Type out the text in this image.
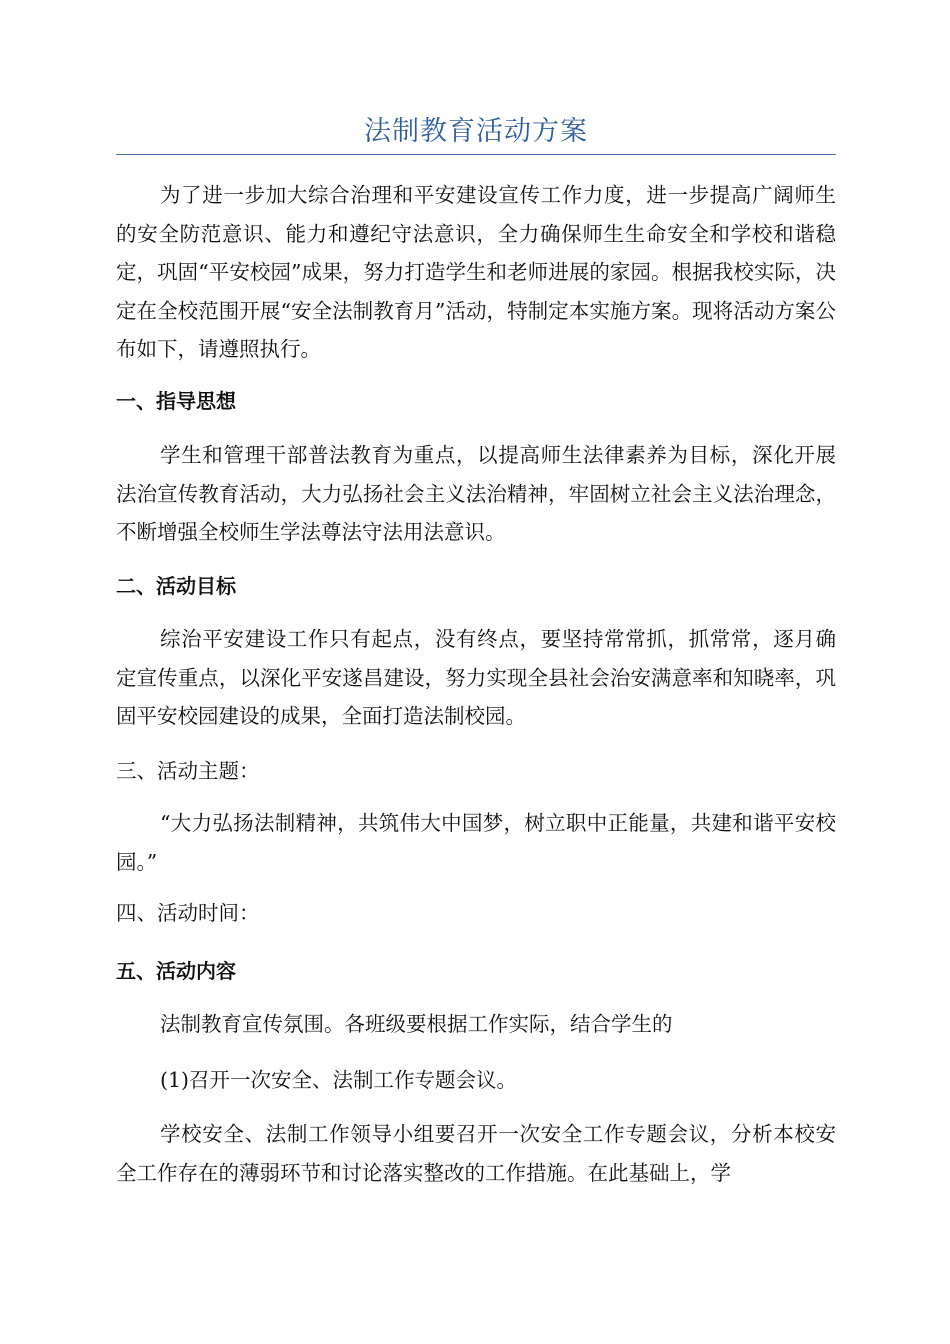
法制教育活动方案

为了进一步加大综合治理和平安建设宣传工作力度，进一步提高广阔师生的安全防范意识、能力和遵纪守法意识，全力确保师生生命安全和学校和谐稳定，巩固“平安校园”成果，努力打造学生和老师进展的家园。根据我校实际，决定在全校范围开展“安全法制教育月”活动，特制定本实施方案。现将活动方案公布如下，请遵照执行。

一、指导思想

学生和管理干部普法教育为重点，以提高师生法律素养为目标，深化开展法治宣传教育活动，大力弘扬社会主义法治精神，牢固树立社会主义法治理念，不断增强全校师生学法尊法守法用法意识。

二、活动目标

综治平安建设工作只有起点，没有终点，要坚持常常抓，抓常常，逐月确定宣传重点，以深化平安遂昌建设，努力实现全县社会治安满意率和知晓率，巩固平安校园建设的成果，全面打造法制校园。

三、活动主题：

“大力弘扬法制精神，共筑伟大中国梦，树立职中正能量，共建和谐平安校园。”

四、活动时间：
五、活动内容

法制教育宣传氛围。各班级要根据工作实际，结合学生的

(1)召开一次安全、法制工作专题会议。

学校安全、法制工作领导小组要召开一次安全工作专题会议，分析本校安全工作存在的薄弱环节和讨论落实整改的工作措施。在此基础上，学
